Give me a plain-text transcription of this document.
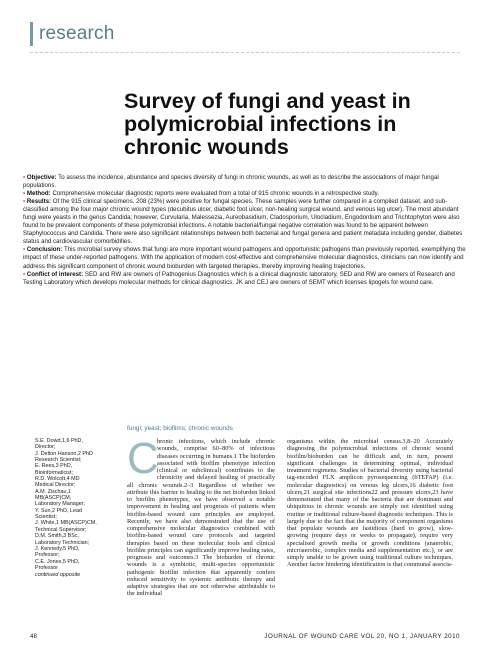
research
Survey of fungi and yeast in polymicrobial infections in chronic wounds

• Objective: To assess the incidence, abundance and species diversity of fungi in chronic wounds, as well as to describe the associations of major fungal populations.

• Method: Comprehensive molecular diagnostic reports were evaluated from a total of 915 chronic wounds in a retrospective study.

• Results: Of the 915 clinical specimens, 208 (23%) were positive for fungal species. These samples were further compared in a compiled dataset, and sub-classified among the four major chronic wound types (decubitus ulcer, diabetic foot ulcer, non-healing surgical wound, and venous leg ulcer). The most abundant fungi were yeasts in the genus Candida; however, Curvularia, Malessezia, Aureobasidium, Cladosporium, Ulocladium, Engodontium and Trichtophyton were also found to be prevalent components of these polymicrobial infections. A notable bacterial/fungal negative correlation was found to be apparent between Staphylococcus and Candida. There were also significant relationships between both bacterial and fungal genera and patient metadata including gender, diabetes status and cardiovascular comorbidities.

• Conclusion: This microbial survey shows that fungi are more important wound pathogens and opportunistic pathogens than previously reported, exemplifying the impact of these under-reported pathogens. With the application of modern cost-effective and comprehensive molecular diagnostics, clinicians can now identify and address this significant component of chronic wound bioburden with targeted therapies, thereby improving healing trajectories.

• Conflict of interest: SED and RW are owners of Pathogenius Diagnostics which is a clinical diagnostic laboratory, SED and RW are owners of Research and Testing Laboratory which develops molecular methods for clinical diagnostics. JK and CEJ are owners of SEMT which licenses lipogels for wound care.

fungi; yeast; biofilms; chronic wounds

S.E. Dowd,1,6 PhD,

Director;

J. Delton Hanson,2 PhD

Research Scientist;

E. Rees,3 PhD,

Bioinformaticist;

R.D. Wolcott,4 MD

Medical Director;

A.M. Zischau,1

MB(ASCP)CM,

Laboratory Manager;

Y. Sun,2 PhD, Lead

Scientist;

J. White,1 MB(ASCP)CM,

Technical Supervisor;

D.M. Smith,3 BSc,

Laboratory Technician;

J. Kennedy,5 PhD,

Professor;

C.E. Jones,5 PhD,

Professor

continued opposite

C

hronic infections, which include chronic wounds, comprise 60–80% of infectious diseases occurring in humans.1 The biofurden associated with biofilm phenotype infection (clinical or subclinical) contributes to the chronicity and delayed healing of practically all chronic wounds.2–3 Regardless of whether we attribute this barrier to healing to the net biofurden linked to biofilm phenotypes, we have observed a notable improvement in healing and prognosis of patients when biofilm-based wound care principles are employed. Recently, we have also demonstrated that the use of comprehensive molecular diagnostics combined with biofilm-based wound care protocols and targeted therapies based on these molecular tools and clinical biofilm principles can significantly improve healing rates, prognosis and outcomes.3 The bioburden of chronic wounds is a symbiotic, multi-species opportunistic pathogenic biofilm infection that apparently confers reduced sensitivity to systemic antibiotic therapy and adaptive strategies that are not otherwise attributable to the individual

organisms within the microbial census.3,8–20 Accurately diagnosing the polymicrobial infections of chronic wound biofilm/bioburden can be difficult and, in turn, present significant challenges in determining optimal, individual treatment regimens. Studies of bacterial diversity using bacterial tag-encoded FLX amplicon pyrosequencing (bTEFAP) (i.e. molecular diagnostics) on venous leg ulcers,16 diabetic foot ulcers,21 surgical site infections22 and pressure ulcers,23 have demonstrated that many of the bacteria that are dominant and ubiquitous in chronic wounds are simply not identified using routine or traditional culture-based diagnostic techniques. This is largely due to the fact that the majority of component organisms that populate wounds are fastidious (hard to grow), slow-growing (require days or weeks to propagate), require very specialised growth media or growth conditions (anaerobic, microaerobic, complex media and supplementation etc.), or are simply unable to be grown using traditional culture techniques. Another factor hindering identification is that communal associa-

48	JOURNAL OF WOUND CARE VOL 20, NO 1, JANUARY 2010
